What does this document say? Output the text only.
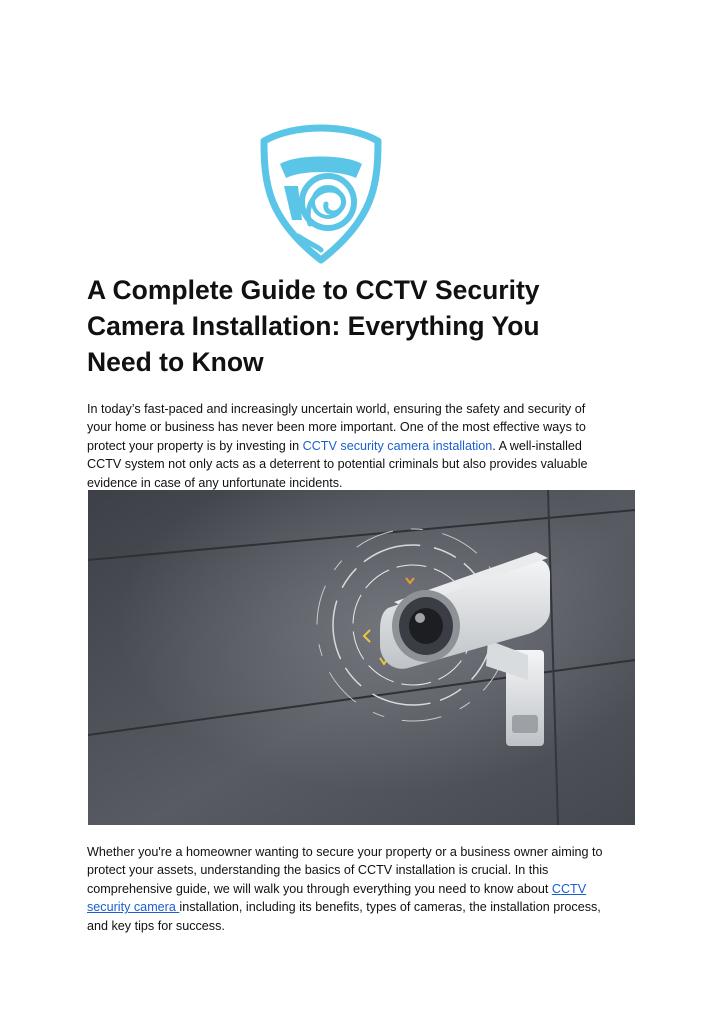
A Complete Guide to CCTV Security
Camera Installation: Everything You
Need to Know

In today’s fast-paced and increasingly uncertain world, ensuring the safety and security of
your home or business has never been more important. One of the most effective ways to
protect your property is by investing in CCTV security camera installation. A well-installed
CCTV system not only acts as a deterrent to potential criminals but also provides valuable
evidence in case of any unfortunate incidents.

Whether you're a homeowner wanting to secure your property or a business owner aiming to
protect your assets, understanding the basics of CCTV installation is crucial. In this
comprehensive guide, we will walk you through everything you need to know about CCTV
security camera installation, including its benefits, types of cameras, the installation process,
and key tips for success.
